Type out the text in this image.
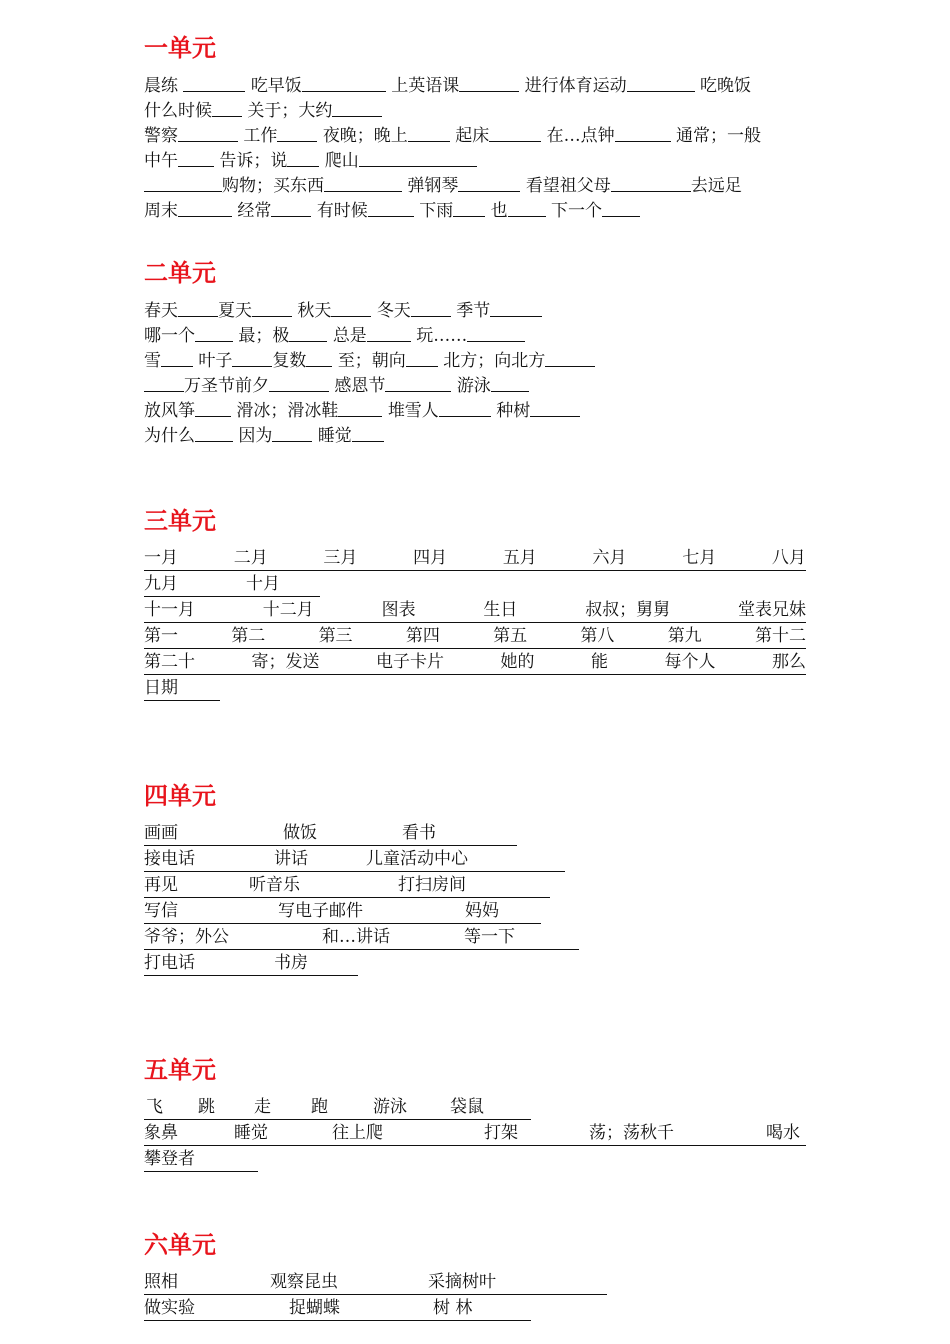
一单元
晨练	吃早饭	上英语课	进行体育运动	吃晚饭
什么时候 关于；大约
警察	工作	夜晚；晚上	起床	在…点钟	通常；一般
中午 告诉；说 爬山
购物；买东西	弹钢琴	看望祖父母	去远足
周末	经常	有时候	下雨 也	下一个
二单元
春天 夏天	秋天	冬天	季节
哪一个	最；极	总是	玩……
雪 叶子 复数 至；朝向 北方；向北方
万圣节前夕	感恩节	游泳
放风筝 滑冰；滑冰鞋	堆雪人	种树
为什么	因为	睡觉
三单元
一月	二月	三月	四月	五月	六月	七月	八月
九月	十月
十一月	十二月	图表	生日	叔叔；舅舅	堂表兄妹
第一	第二	第三	第四	第五	第八	第九	第十二
第二十	寄；发送	电子卡片	她的	能	每个人	那么
日期
四单元
画画	做饭	看书
接电话	讲话	儿童活动中心
再见	听音乐	打扫房间
写信	写电子邮件	妈妈
爷爷；外公	和…讲话	等一下
打电话	书房
五单元
飞 跳 走 跑	游泳	袋鼠
象鼻	睡觉	往上爬	打架	荡；荡秋千	喝水
攀登者
六单元
照相	观察昆虫	采摘树叶
做实验	捉蝴蝶	树 林
